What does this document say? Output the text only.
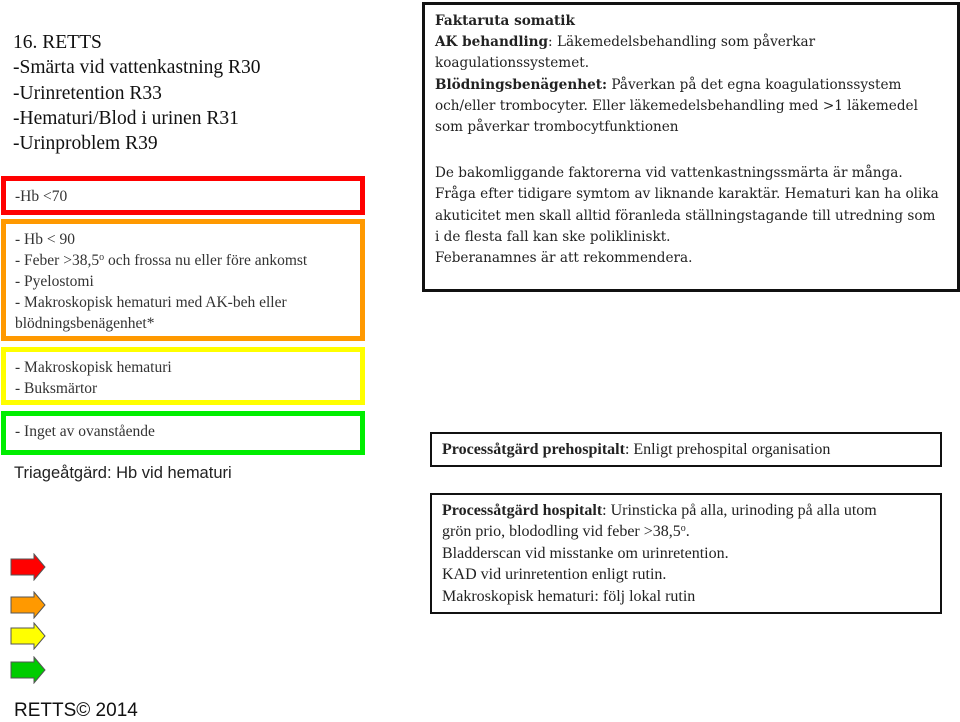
16. RETTS
-Smärta vid vattenkastning R30
-Urinretention R33
-Hematuri/Blod i urinen R31
-Urinproblem R39
-Hb <70
- Hb < 90
- Feber $>38,5^o$ och frossa nu eller före ankomst
- Pyelostomi
- Makroskopisk hematuri med AK-beh eller
blödningsbenägenhet*
- Makroskopisk hematuri
- Buksmärtor
- Inget av ovanstående
Triageåtgärd: Hb vid hematuri
Faktaruta somatik
AK behandling: Läkemedelsbehandling som påverkar
koagulationssystemet.
Blödningsbenägenhet: Påverkan på det egna koagulationssystem
och/eller trombocyter. Eller läkemedelsbehandling med >1 läkemedel
som påverkar trombocytfunktionen
De bakomliggande faktorerna vid vattenkastningssmärta är många.
Fråga efter tidigare symtom av liknande karaktär. Hematuri kan ha olika
akuticitet men skall alltid föranleda ställningstagande till utredning som
i de flesta fall kan ske polikliniskt.
Feberanamnes är att rekommendera.
Processåtgärd prehospitalt: Enligt prehospital organisation
Processåtgärd hospitalt: Urinsticka på alla, urinoding på alla utom
grön prio, blododling vid feber $>38,5^o$.
Bladderscan vid misstanke om urinretention.
KAD vid urinretention enligt rutin.
Makroskopisk hematuri: följ lokal rutin
RETTS© 2014
